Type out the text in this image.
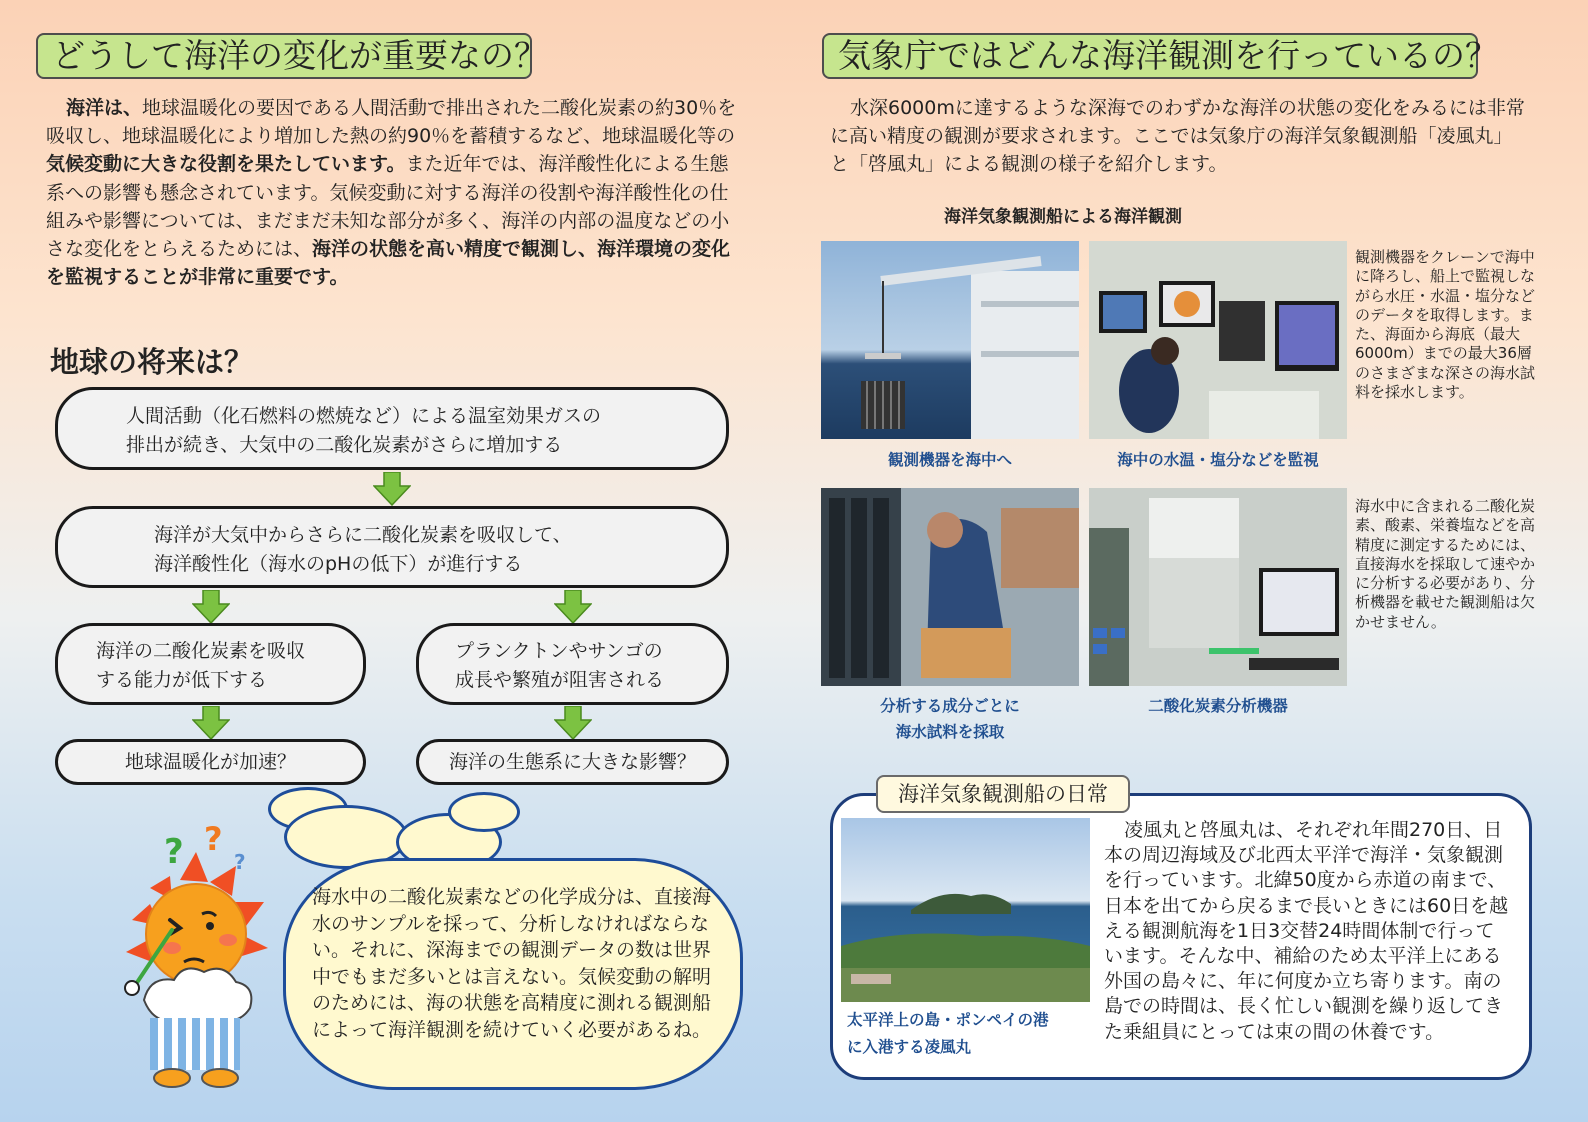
どうして海洋の変化が重要なの？
海洋は、地球温暖化の要因である人間活動で排出された二酸化炭素の約30％を吸収し、地球温暖化により増加した熱の約90％を蓄積するなど、地球温暖化等の気候変動に大きな役割を果たしています。また近年では、海洋酸性化による生態系への影響も懸念されています。気候変動に対する海洋の役割や海洋酸性化の仕組みや影響については、まだまだ未知な部分が多く、海洋の内部の温度などの小さな変化をとらえるためには、海洋の状態を高い精度で観測し、海洋環境の変化を監視することが非常に重要です。
地球の将来は？
人間活動（化石燃料の燃焼など）による温室効果ガスの
排出が続き、大気中の二酸化炭素がさらに増加する
海洋が大気中からさらに二酸化炭素を吸収して、
海洋酸性化（海水のpHの低下）が進行する
海洋の二酸化炭素を吸収
する能力が低下する
プランクトンやサンゴの
成長や繁殖が阻害される
地球温暖化が加速？	海洋の生態系に大きな影響？
海水中の二酸化炭素などの化学成分は、直接海水のサンプルを採って、分析しなければならない。それに、深海までの観測データの数は世界中でもまだ多いとは言えない。気候変動の解明のためには、海の状態を高精度に測れる観測船によって海洋観測を続けていく必要があるね。
? ?
?
気象庁ではどんな海洋観測を行っているの？
水深6000mに達するような深海でのわずかな海洋の状態の変化をみるには非常に高い精度の観測が要求されます。ここでは気象庁の海洋気象観測船「凌風丸」と「啓風丸」による観測の様子を紹介します。
海洋気象観測船による海洋観測
観測機器を海中へ	海中の水温・塩分などを監視
観測機器をクレーンで海中に降ろし、船上で監視しながら水圧・水温・塩分などのデータを取得します。また、海面から海底（最大6000m）までの最大36層のさまざまな深さの海水試料を採水します。
分析する成分ごとに
海水試料を採取
二酸化炭素分析機器
海水中に含まれる二酸化炭素、酸素、栄養塩などを高精度に測定するためには、直接海水を採取して速やかに分析する必要があり、分析機器を載せた観測船は欠かせません。
海洋気象観測船の日常
太平洋上の島・ポンペイの港
に入港する凌風丸
凌風丸と啓風丸は、それぞれ年間270日、日本の周辺海域及び北西太平洋で海洋・気象観測を行っています。北緯50度から赤道の南まで、日本を出てから戻るまで長いときには60日を越える観測航海を1日3交替24時間体制で行っています。そんな中、補給のため太平洋上にある外国の島々に、年に何度か立ち寄ります。南の島での時間は、長く忙しい観測を繰り返してきた乗組員にとっては束の間の休養です。
